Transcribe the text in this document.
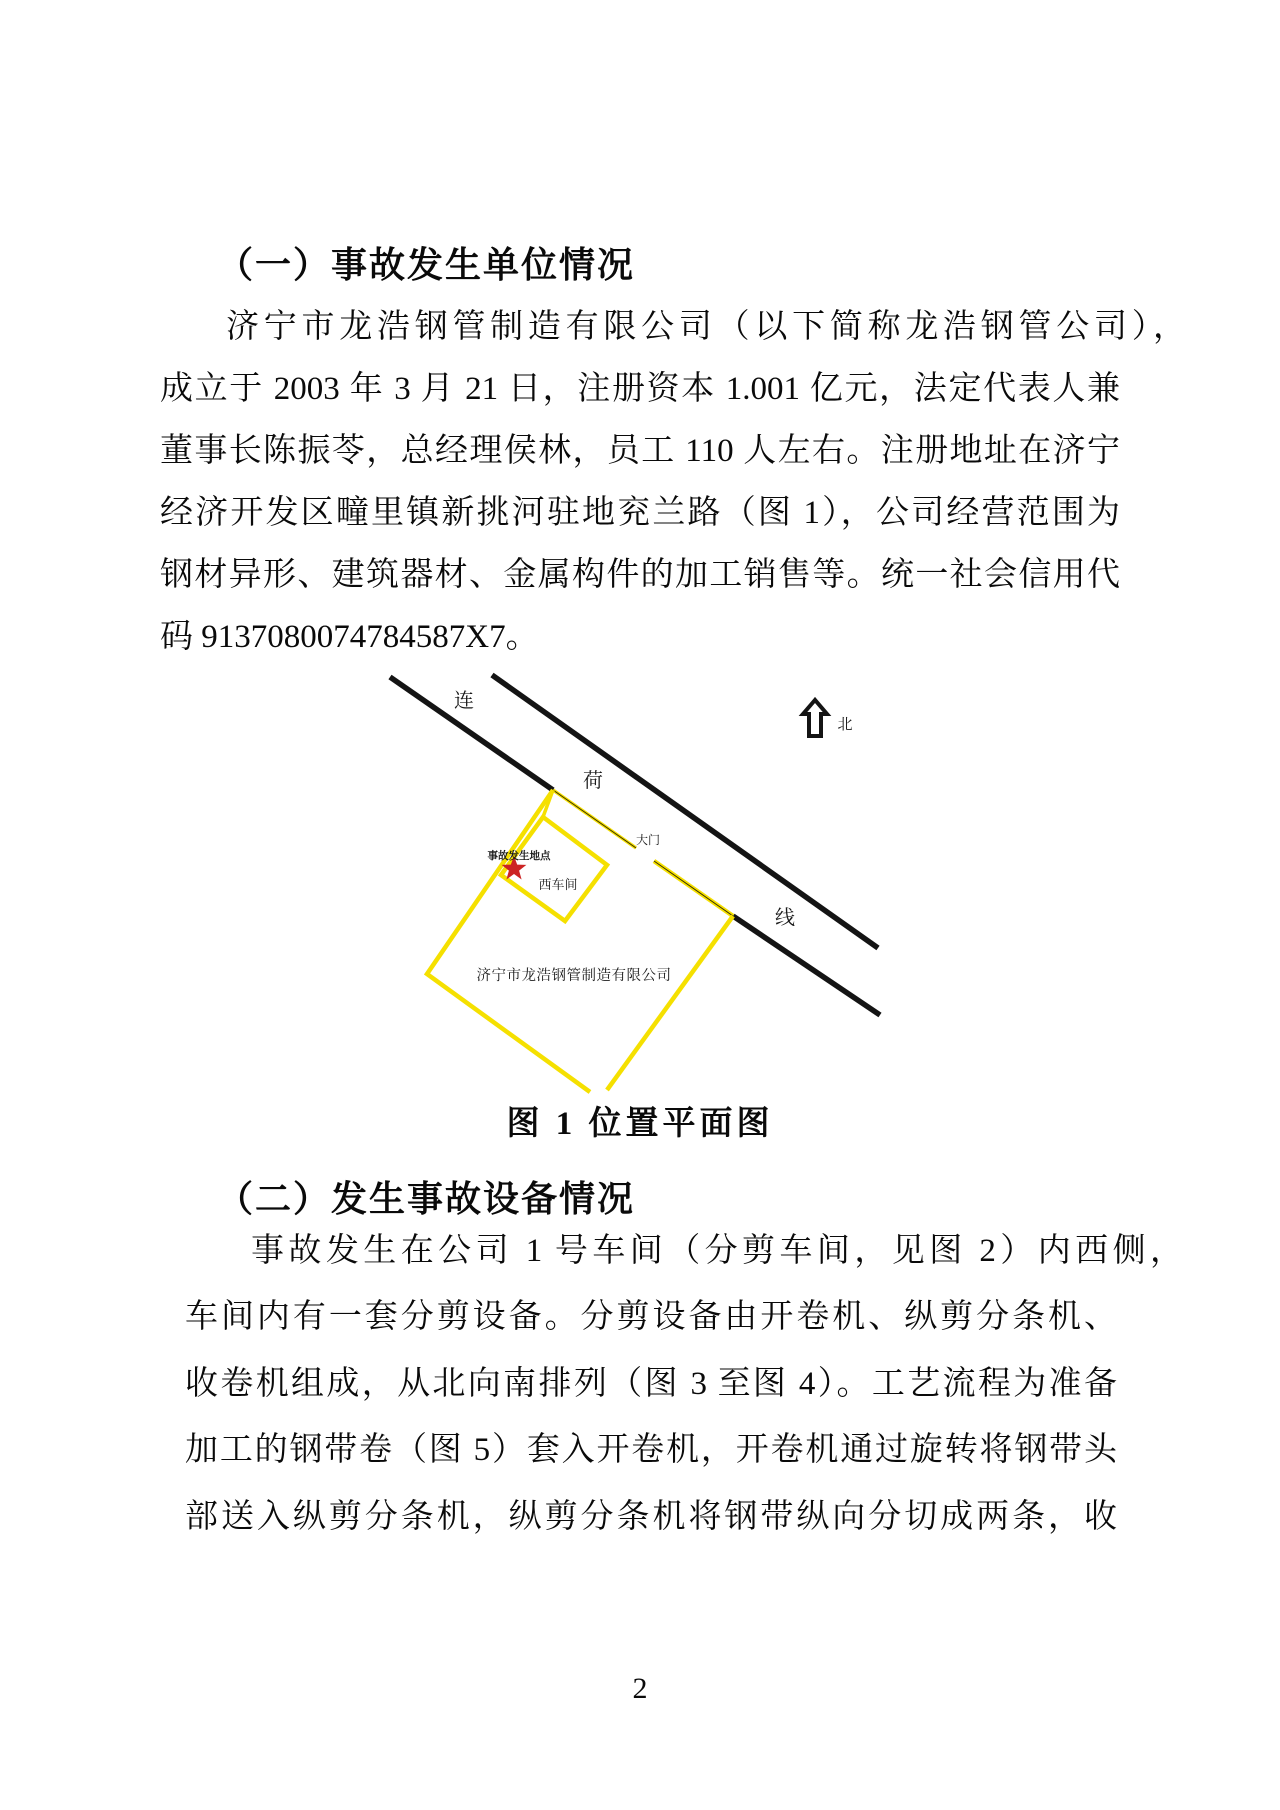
（一）事故发生单位情况
济宁市龙浩钢管制造有限公司（以下简称龙浩钢管公司），
成立于 2003 年 3 月 21 日，注册资本 1.001 亿元，法定代表人兼
董事长陈振苓，总经理侯林，员工 110 人左右。注册地址在济宁
经济开发区疃里镇新挑河驻地兖兰路（图 1），公司经营范围为
钢材异形、建筑器材、金属构件的加工销售等。统一社会信用代
码 9137080074784587X7。
连
荷
线
大门
事故发生地点
西车间
济宁市龙浩钢管制造有限公司
北
图 1 位置平面图
（二）发生事故设备情况
事故发生在公司 1 号车间（分剪车间，见图 2）内西侧，
车间内有一套分剪设备。分剪设备由开卷机、纵剪分条机、
收卷机组成，从北向南排列（图 3 至图 4）。工艺流程为准备
加工的钢带卷（图 5）套入开卷机，开卷机通过旋转将钢带头
部送入纵剪分条机，纵剪分条机将钢带纵向分切成两条，收
2
